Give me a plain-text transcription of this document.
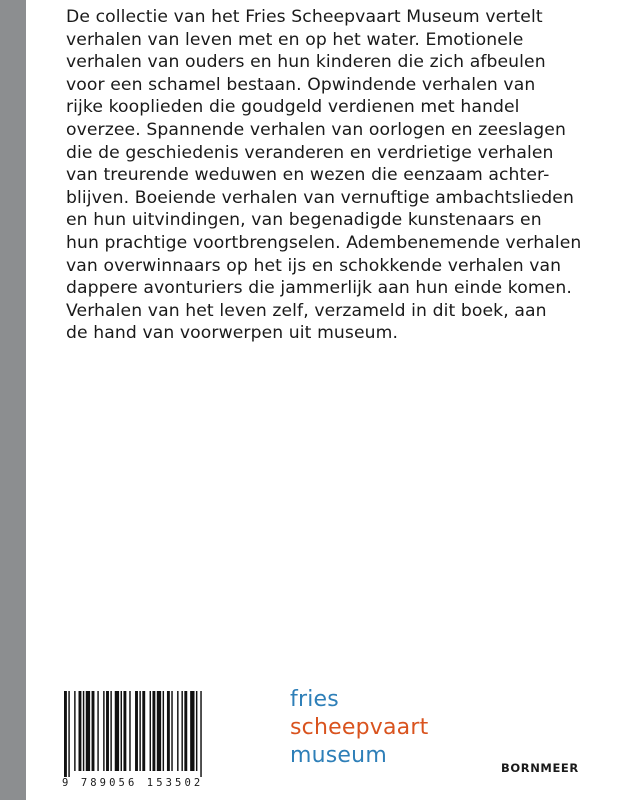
De collectie van het Fries Scheepvaart Museum vertelt
verhalen van leven met en op het water. Emotionele
verhalen van ouders en hun kinderen die zich afbeulen
voor een schamel bestaan. Opwindende verhalen van
rijke kooplieden die goudgeld verdienen met handel
overzee. Spannende verhalen van oorlogen en zeeslagen
die de geschiedenis veranderen en verdrietige verhalen
van treurende weduwen en wezen die eenzaam achter-
blijven. Boeiende verhalen van vernuftige ambachtslieden
en hun uitvindingen, van begenadigde kunstenaars en
hun prachtige voortbrengselen. Adembenemende verhalen
van overwinnaars op het ijs en schokkende verhalen van
dappere avonturiers die jammerlijk aan hun einde komen.
Verhalen van het leven zelf, verzameld in dit boek, aan
de hand van voorwerpen uit museum.
9 789056 153502
fries
scheepvaart
museum	BORNMEER
